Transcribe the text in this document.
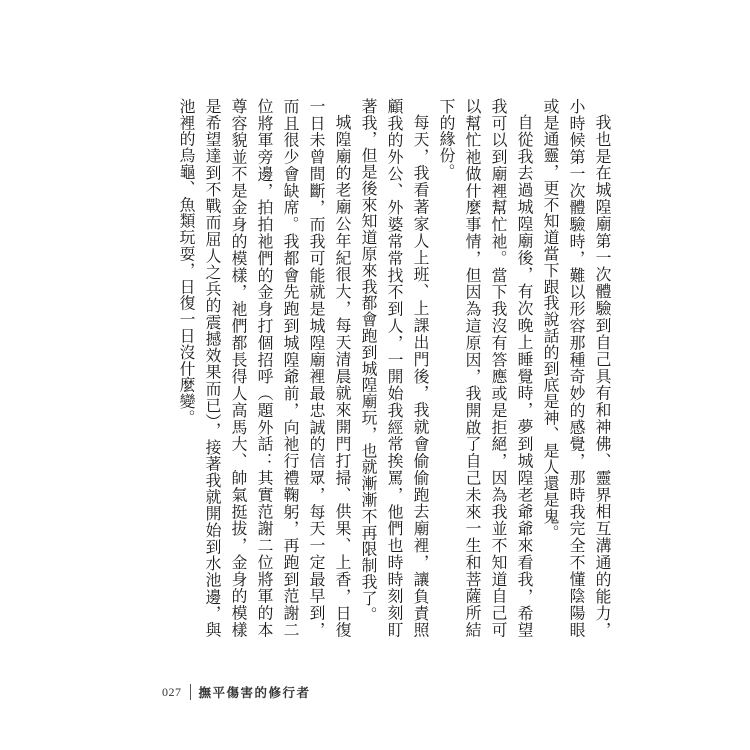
我也是在城隍廟第一次體驗到自己具有和神佛、靈界相互溝通的能力，小時候第一次體驗時，難以形容那種奇妙的感覺，那時我完全不懂陰陽眼或是通靈，更不知道當下跟我說話的到底是神、是人還是鬼。

自從我去過城隍廟後，有次晚上睡覺時，夢到城隍老爺爺來看我，希望我可以到廟裡幫忙祂。當下我沒有答應或是拒絕，因為我並不知道自己可以幫忙祂做什麼事情，但因為這原因，我開啟了自己未來一生和菩薩所結下的緣份。

每天，我看著家人上班、上課出門後，我就會偷偷跑去廟裡，讓負責照顧我的外公、外婆常常找不到人，一開始我經常挨罵，他們也時時刻刻盯著我，但是後來知道原來我都會跑到城隍廟玩，也就漸漸不再限制我了。

城隍廟的老廟公年紀很大，每天清晨就來開門打掃、供果、上香，日復一日未曾間斷，而我可能就是城隍廟裡最忠誠的信眾，每天一定最早到，而且很少會缺席。我都會先跑到城隍爺前，向祂行禮鞠躬，再跑到范謝二位將軍旁邊，拍拍祂們的金身打個招呼（題外話：其實范謝二位將軍的本尊容貌並不是金身的模樣，祂們都長得人高馬大、帥氣挺拔，金身的模樣是希望達到不戰而屈人之兵的震撼效果而已），接著我就開始到水池邊，與池裡的烏龜、魚類玩耍，日復一日沒什麼變。

027 撫平傷害的修行者
